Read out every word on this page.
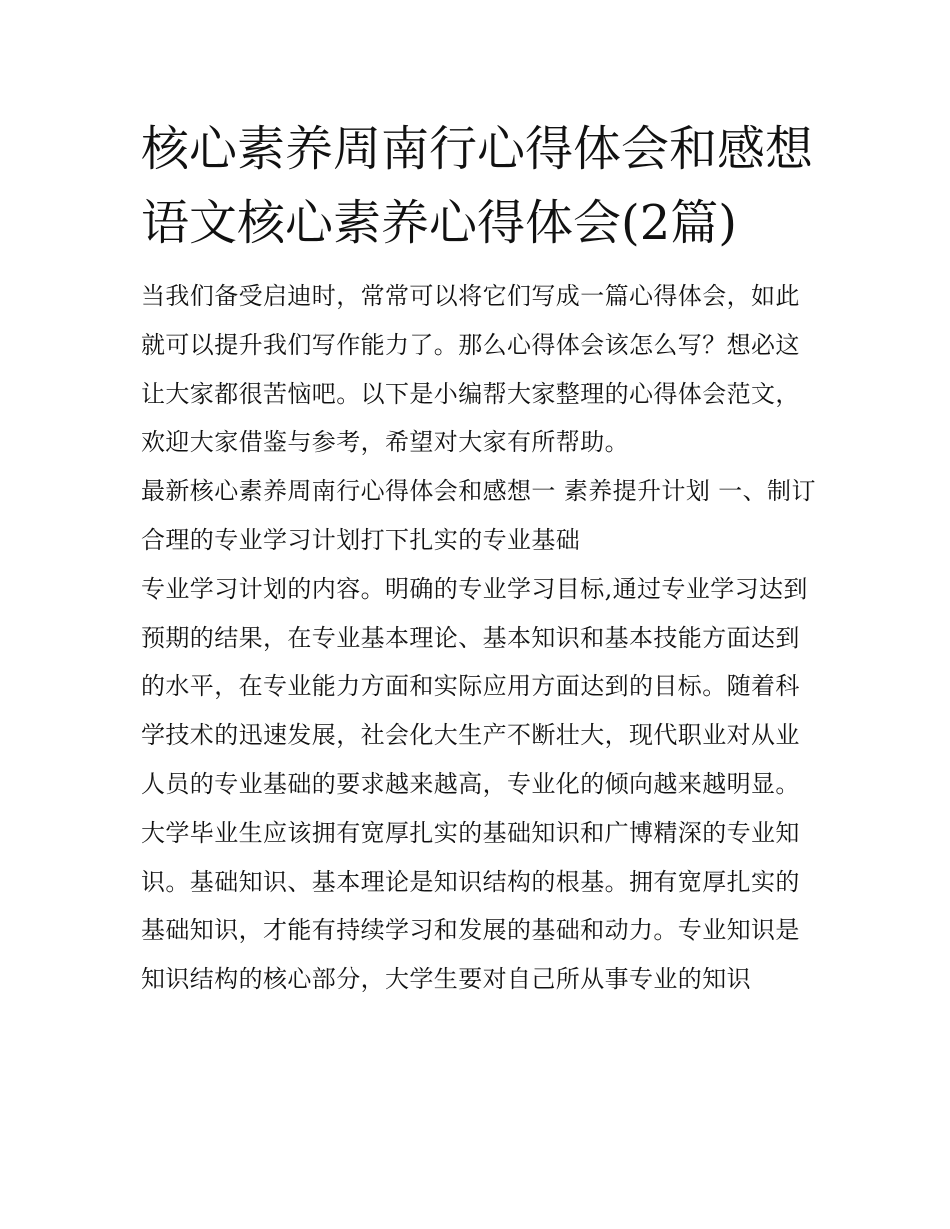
核心素养周南行心得体会和感想 语文核心素养心得体会(2篇)

当我们备受启迪时，常常可以将它们写成一篇心得体会，如此就可以提升我们写作能力了。那么心得体会该怎么写？想必这让大家都很苦恼吧。以下是小编帮大家整理的心得体会范文，欢迎大家借鉴与参考，希望对大家有所帮助。

最新核心素养周南行心得体会和感想一 素养提升计划 一、制订合理的专业学习计划打下扎实的专业基础

专业学习计划的内容。明确的专业学习目标,通过专业学习达到预期的结果，在专业基本理论、基本知识和基本技能方面达到的水平，在专业能力方面和实际应用方面达到的目标。随着科学技术的迅速发展，社会化大生产不断壮大，现代职业对从业人员的专业基础的要求越来越高，专业化的倾向越来越明显。大学毕业生应该拥有宽厚扎实的基础知识和广博精深的专业知识。基础知识、基本理论是知识结构的根基。拥有宽厚扎实的基础知识，才能有持续学习和发展的基础和动力。专业知识是知识结构的核心部分，大学生要对自己所从事专业的知识
